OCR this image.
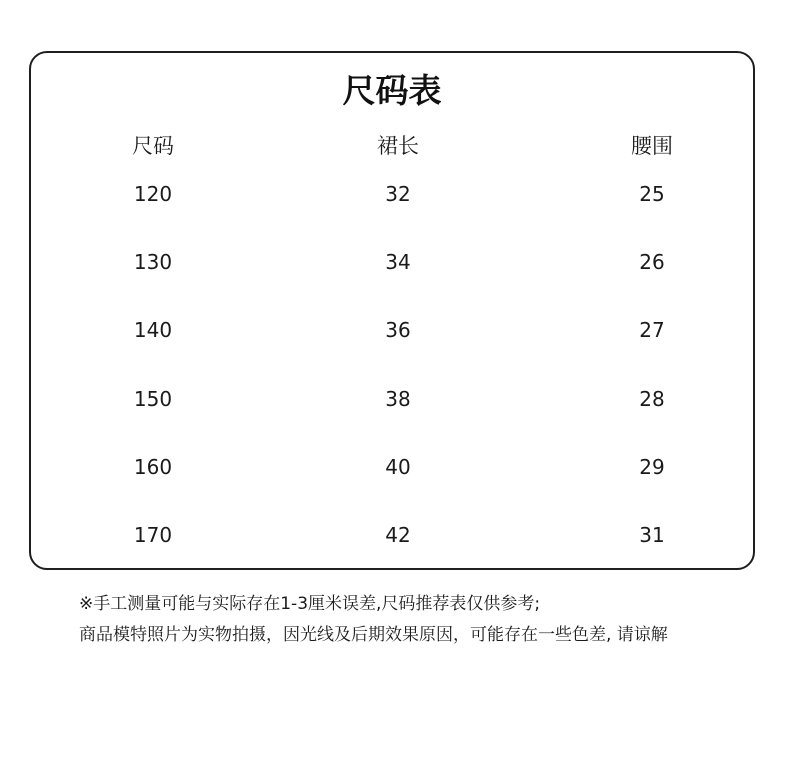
尺码表
尺码	裙长	腰围
120	32	25
130	34	26
140	36	27
150	38	28
160	40	29
170	42	31
※手工测量可能与实际存在1-3厘米误差,尺码推荐表仅供参考;
商品模特照片为实物拍摄，因光线及后期效果原因，可能存在一些色差, 请谅解
